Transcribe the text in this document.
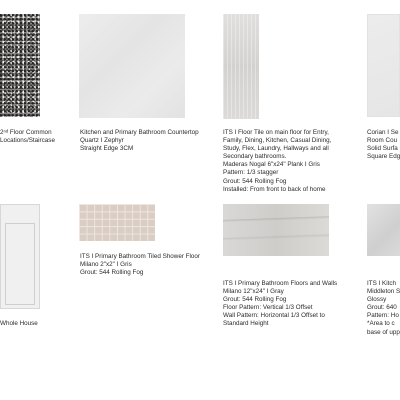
2ⁿᵈ Floor Common
Locations/Staircase
Kitchen and Primary Bathroom Countertop
Quartz I Zephyr
Straight Edge 3CM
ITS I Floor Tile on main floor for Entry,
Family, Dining, Kitchen, Casual Dining,
Study, Flex, Laundry, Hallways and all
Secondary bathrooms.
Maderas Nogal 6"x24" Plank I Gris
Pattern: 1/3 stagger
Grout: 544 Rolling Fog
Installed: From front to back of home
Corian I Se
Room Cou
Solid Surfa
Square Edg
Whole House
ITS I Primary Bathroom Tiled Shower Floor
Milano 2"x2" I Gris
Grout: 544 Rolling Fog
ITS I Primary Bathroom Floors and Walls
Milano 12"x24" I Gray
Grout: 544 Rolling Fog
Floor Pattern: Vertical 1/3 Offset
Wall Pattern: Horizontal 1/3 Offset to
Standard Height
ITS I Kitch
Middleton S
Glossy
Grout: 640
Pattern: Ho
*Area to c
base of upp
